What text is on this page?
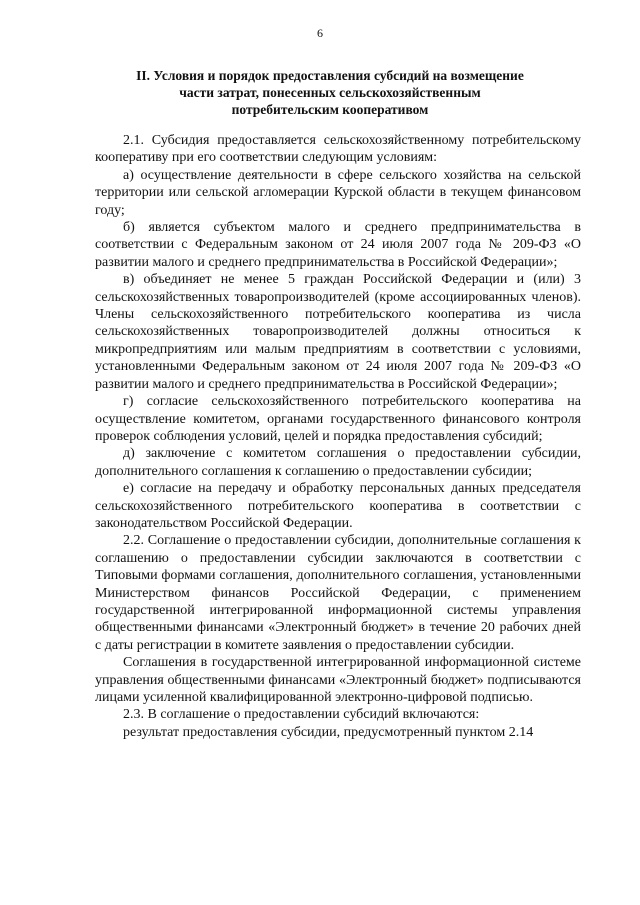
6
II. Условия и порядок предоставления субсидий на возмещение
части затрат, понесенных сельскохозяйственным
потребительским кооперативом

2.1. Субсидия предоставляется сельскохозяйственному потребительскому кооперативу при его соответствии следующим условиям:

а) осуществление деятельности в сфере сельского хозяйства на сельской территории или сельской агломерации Курской области в текущем финансовом году;

б) является субъектом малого и среднего предпринимательства в соответствии с Федеральным законом от 24 июля 2007 года № 209-ФЗ «О развитии малого и среднего предпринимательства в Российской Федерации»;

в) объединяет не менее 5 граждан Российской Федерации и (или) 3 сельскохозяйственных товаропроизводителей (кроме ассоциированных членов). Члены сельскохозяйственного потребительского кооператива из числа сельскохозяйственных товаропроизводителей должны относиться к микропредприятиям или малым предприятиям в соответствии с условиями, установленными Федеральным законом от 24 июля 2007 года № 209-ФЗ «О развитии малого и среднего предпринимательства в Российской Федерации»;

г) согласие сельскохозяйственного потребительского кооператива на осуществление комитетом, органами государственного финансового контроля проверок соблюдения условий, целей и порядка предоставления субсидий;

д) заключение с комитетом соглашения о предоставлении субсидии, дополнительного соглашения к соглашению о предоставлении субсидии;

е) согласие на передачу и обработку персональных данных председателя сельскохозяйственного потребительского кооператива в соответствии с законодательством Российской Федерации.

2.2. Соглашение о предоставлении субсидии, дополнительные соглашения к соглашению о предоставлении субсидии заключаются в соответствии с Типовыми формами соглашения, дополнительного соглашения, установленными Министерством финансов Российской Федерации, с применением государственной интегрированной информационной системы управления общественными финансами «Электронный бюджет» в течение 20 рабочих дней с даты регистрации в комитете заявления о предоставлении субсидии.

Соглашения в государственной интегрированной информационной системе управления общественными финансами «Электронный бюджет» подписываются лицами усиленной квалифицированной электронно-цифровой подписью.

2.3. В соглашение о предоставлении субсидий включаются:

результат предоставления субсидии, предусмотренный пунктом 2.14
